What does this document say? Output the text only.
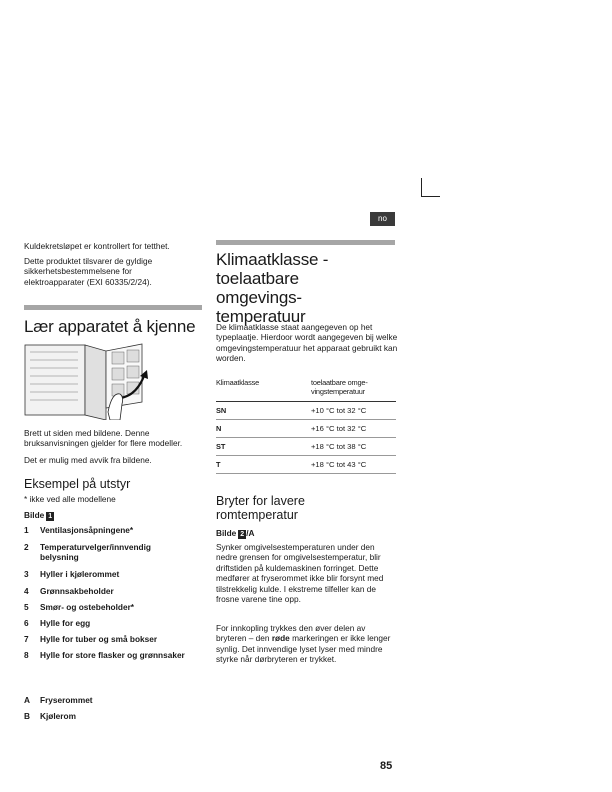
no

Kuldekretsløpet er kontrollert for tetthet.

Dette produktet tilsvarer de gyldige sikkerhetsbestemmelsene for elektroapparater (EXI 60335/2/24).

Lær apparatet å kjenne

Brett ut siden med bildene. Denne bruksanvisningen gjelder for flere modeller.

Det er mulig med avvik fra bildene.

Eksempel på utstyr

* ikke ved alle modellene

Bilde 1
1	Ventilasjonsåpningene*
2	Temperaturvelger/innvendig belysning
3	Hyller i kjølerommet
4	Grønnsakbeholder
5	Smør- og ostebeholder*
6	Hylle for egg
7	Hylle for tuber og små bokser
8	Hylle for store flasker og grønnsaker
A	Fryserommet
B	Kjølerom
Klimaatklasse - toelaatbare omgevingstemperatuur

De klimaatklasse staat aangegeven op het typeplaatje. Hierdoor wordt aangegeven bij welke omgevingstemperatuur het apparaat gebruikt kan worden.

Klimaatklasse	toelaatbare omgevingstemperatuur
SN	+10 °C tot 32 °C
N	+16 °C tot 32 °C
ST	+18 °C tot 38 °C
T	+18 °C tot 43 °C
Bryter for lavere romtemperatur
Bilde 2 /A

Synker omgivelsestemperaturen under den nedre grensen for omgivelsestemperatur, blir driftstiden på kuldemaskinen forringet. Dette medfører at fryserommet ikke blir forsynt med tilstrekkelig kulde. I ekstreme tilfeller kan de frosne varene tine opp.

For innkopling trykkes den øver delen av bryteren – den røde markeringen er ikke lenger synlig. Det innvendige lyset lyser med mindre styrke når dørbryteren er trykket.

85
